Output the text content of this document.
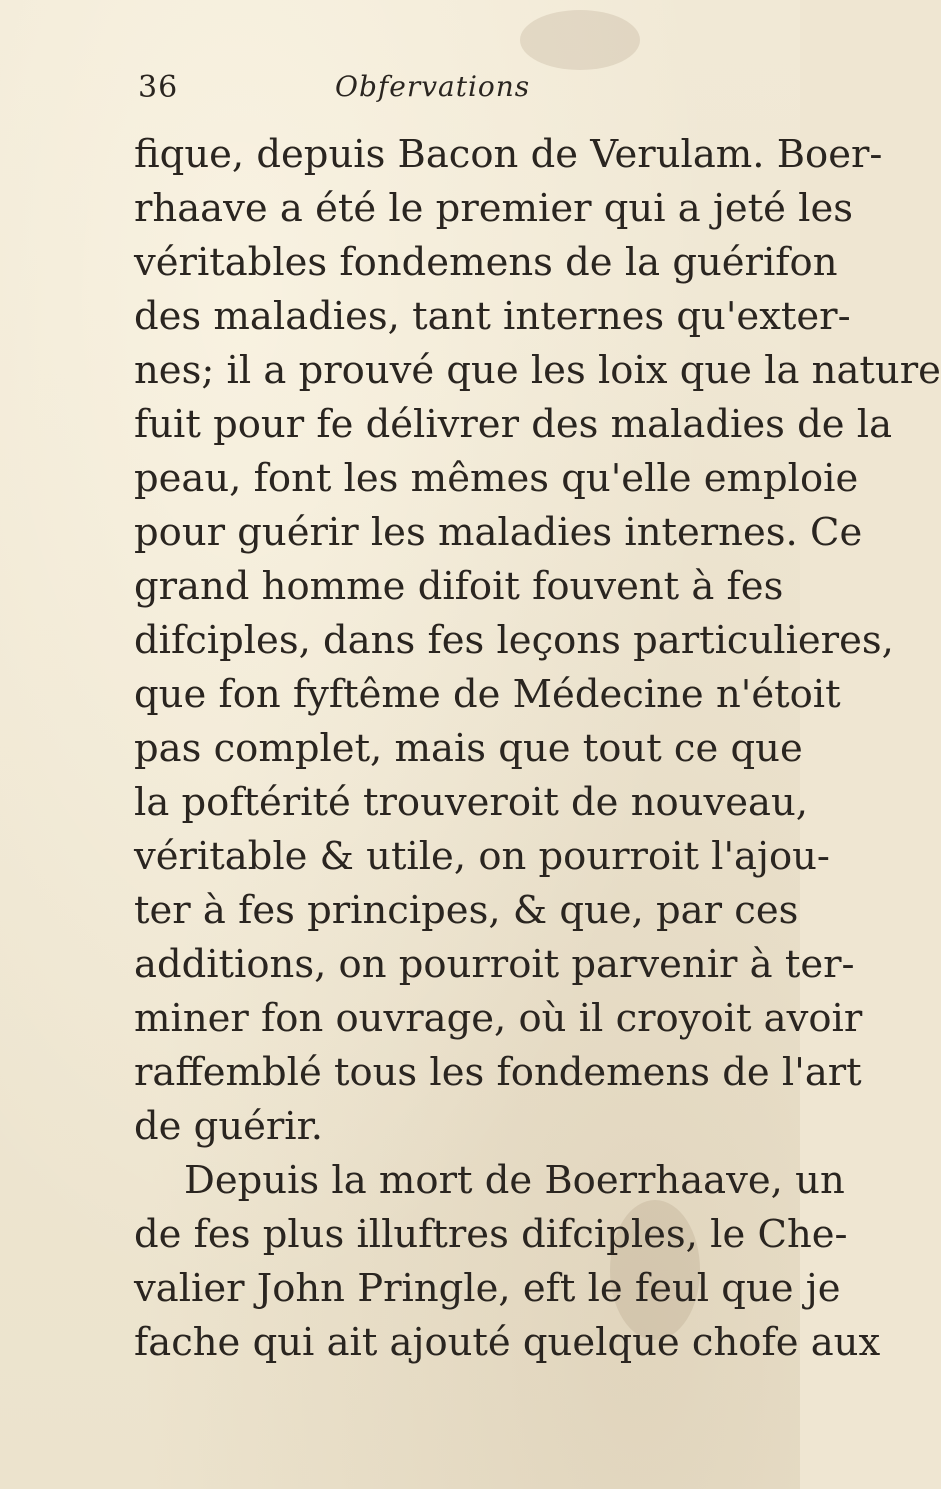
36	Obfervations
fique, depuis Bacon de Verulam. Boer-
rhaave a été le premier qui a jeté les
véritables fondemens de la guérifon
des maladies, tant internes qu'exter-
nes; il a prouvé que les loix que la nature
fuit pour fe délivrer des maladies de la
peau, font les mêmes qu'elle emploie
pour guérir les maladies internes. Ce
grand homme difoit fouvent à fes
difciples, dans fes leçons particulieres,
que fon fyftême de Médecine n'étoit
pas complet, mais que tout ce que
la poftérité trouveroit de nouveau,
véritable & utile, on pourroit l'ajou-
ter à fes principes, & que, par ces
additions, on pourroit parvenir à ter-
miner fon ouvrage, où il croyoit avoir
raffemblé tous les fondemens de l'art
de guérir.
Depuis la mort de Boerrhaave, un
de fes plus illuftres difciples, le Che-
valier John Pringle, eft le feul que je
fache qui ait ajouté quelque chofe aux
